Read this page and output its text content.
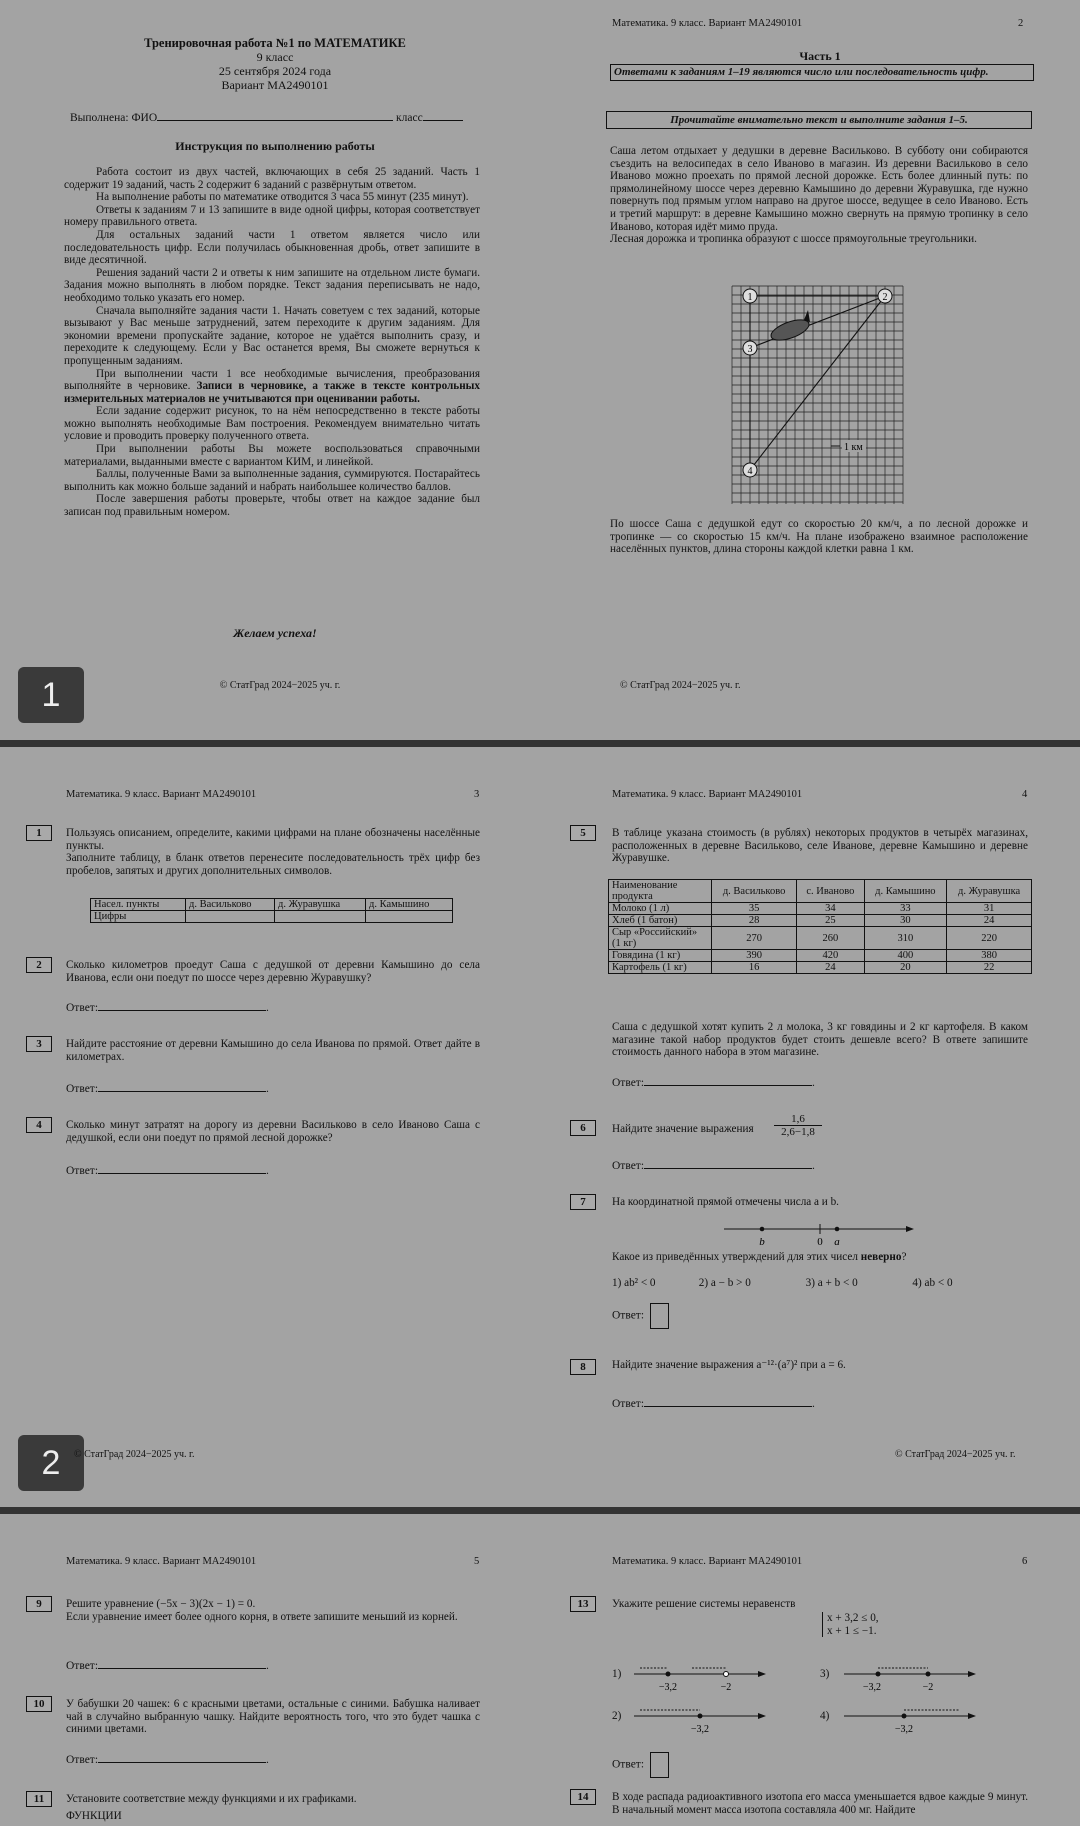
Тренировочная работа №1 по МАТЕМАТИКЕ
9 класс
25 сентября 2024 года
Вариант МА2490101
Выполнена: ФИО	класс
Инструкция по выполнению работы
Работа состоит из двух частей, включающих в себя 25 заданий. Часть 1 содержит 19 заданий, часть 2 содержит 6 заданий с развёрнутым ответом.
На выполнение работы по математике отводится 3 часа 55 минут (235 минут).
Ответы к заданиям 7 и 13 запишите в виде одной цифры, которая соответствует номеру правильного ответа.
Для остальных заданий части 1 ответом является число или последовательность цифр. Если получилась обыкновенная дробь, ответ запишите в виде десятичной.
Решения заданий части 2 и ответы к ним запишите на отдельном листе бумаги. Задания можно выполнять в любом порядке. Текст задания переписывать не надо, необходимо только указать его номер.
Сначала выполняйте задания части 1. Начать советуем с тех заданий, которые вызывают у Вас меньше затруднений, затем переходите к другим заданиям. Для экономии времени пропускайте задание, которое не удаётся выполнить сразу, и переходите к следующему. Если у Вас останется время, Вы сможете вернуться к пропущенным заданиям.
При выполнении части 1 все необходимые вычисления, преобразования выполняйте в черновике. Записи в черновике, а также в тексте контрольных измерительных материалов не учитываются при оценивании работы.
Если задание содержит рисунок, то на нём непосредственно в тексте работы можно выполнять необходимые Вам построения. Рекомендуем внимательно читать условие и проводить проверку полученного ответа.
При выполнении работы Вы можете воспользоваться справочными материалами, выданными вместе с вариантом КИМ, и линейкой.
Баллы, полученные Вами за выполненные задания, суммируются. Постарайтесь выполнить как можно больше заданий и набрать наибольшее количество баллов.
После завершения работы проверьте, чтобы ответ на каждое задание был записан под правильным номером.
Желаем успеха!
© СтатГрад 2024−2025 уч. г.
1
Математика. 9 класс. Вариант МА2490101	2
Часть 1
Ответами к заданиям 1–19 являются число или последовательность цифр.
Прочитайте внимательно текст и выполните задания 1–5.
Саша летом отдыхает у дедушки в деревне Васильково. В субботу они собираются съездить на велосипедах в село Иваново в магазин. Из деревни Васильково в село Иваново можно проехать по прямой лесной дорожке. Есть более длинный путь: по прямолинейному шоссе через деревню Камышино до деревни Журавушка, где нужно повернуть под прямым углом направо на другое шоссе, ведущее в село Иваново. Есть и третий маршрут: в деревне Камышино можно свернуть на прямую тропинку в село Иваново, которая идёт мимо пруда.
Лесная дорожка и тропинка образуют с шоссе прямоугольные треугольники.
1	2
3
4
1 км
По шоссе Саша с дедушкой едут со скоростью 20 км/ч, а по лесной дорожке и тропинке — со скоростью 15 км/ч. На плане изображено взаимное расположение населённых пунктов, длина стороны каждой клетки равна 1 км.
© СтатГрад 2024−2025 уч. г.
Математика. 9 класс. Вариант МА2490101	3
1	Пользуясь описанием, определите, какими цифрами на плане обозначены населённые пункты.
Заполните таблицу, в бланк ответов перенесите последовательность трёх цифр без пробелов, запятых и других дополнительных символов.
Насел. пункты	д. Васильково	д. Журавушка	д. Камышино
Цифры			
2	Сколько километров проедут Саша с дедушкой от деревни Камышино до села Иванова, если они поедут по шоссе через деревню Журавушку?
Ответ:	.
3	Найдите расстояние от деревни Камышино до села Иванова по прямой. Ответ дайте в километрах.
Ответ:	.
4	Сколько минут затратят на дорогу из деревни Васильково в село Иваново Саша с дедушкой, если они поедут по прямой лесной дорожке?
Ответ:	.
2	© СтатГрад 2024−2025 уч. г.
Математика. 9 класс. Вариант МА2490101	4
5	В таблице указана стоимость (в рублях) некоторых продуктов в четырёх магазинах, расположенных в деревне Васильково, селе Иванове, деревне Камышино и деревне Журавушке.
Наименование продукта	д. Васильково	с. Иваново	д. Камышино	д. Журавушка
Молоко (1 л)	35	34	33	31
Хлеб (1 батон)	28	25	30	24
Сыр «Российский» (1 кг)	270	260	310	220
Говядина (1 кг)	390	420	400	380
Картофель (1 кг)	16	24	20	22
Саша с дедушкой хотят купить 2 л молока, 3 кг говядины и 2 кг картофеля. В каком магазине такой набор продуктов будет стоить дешевле всего? В ответе запишите стоимость данного набора в этом магазине.
Ответ:	.
6	Найдите значение выражения $\frac{1,6}{2,6-1,8}$
Ответ:	.
7	На координатной прямой отмечены числа a и b.
b	0 a
Какое из приведённых утверждений для этих чисел неверно?
1) ab² < 0	2) a − b > 0	3) a + b < 0	4) ab < 0
Ответ:
8	Найдите значение выражения a⁻¹²·(a⁷)² при a = 6.
Ответ:	.
© СтатГрад 2024−2025 уч. г.
Математика. 9 класс. Вариант МА2490101	5
9	Решите уравнение (−5x − 3)(2x − 1) = 0.
Если уравнение имеет более одного корня, в ответе запишите меньший из корней.
Ответ:	.
10	У бабушки 20 чашек: 6 с красными цветами, остальные с синими. Бабушка наливает чай в случайно выбранную чашку. Найдите вероятность того, что это будет чашка с синими цветами.
Ответ:	.
11	Установите соответствие между функциями и их графиками.
ФУНКЦИИ
Математика. 9 класс. Вариант МА2490101	6
13	Укажите решение системы неравенств
x + 3,2 ≤ 0,
x + 1 ≤ −1.
1)
−3,2	−2
3)
−3,2	−2
2)
−3,2
4)
−3,2
Ответ:
14	В ходе распада радиоактивного изотопа его масса уменьшается вдвое каждые 9 минут. В начальный момент масса изотопа составляла 400 мг. Найдите
